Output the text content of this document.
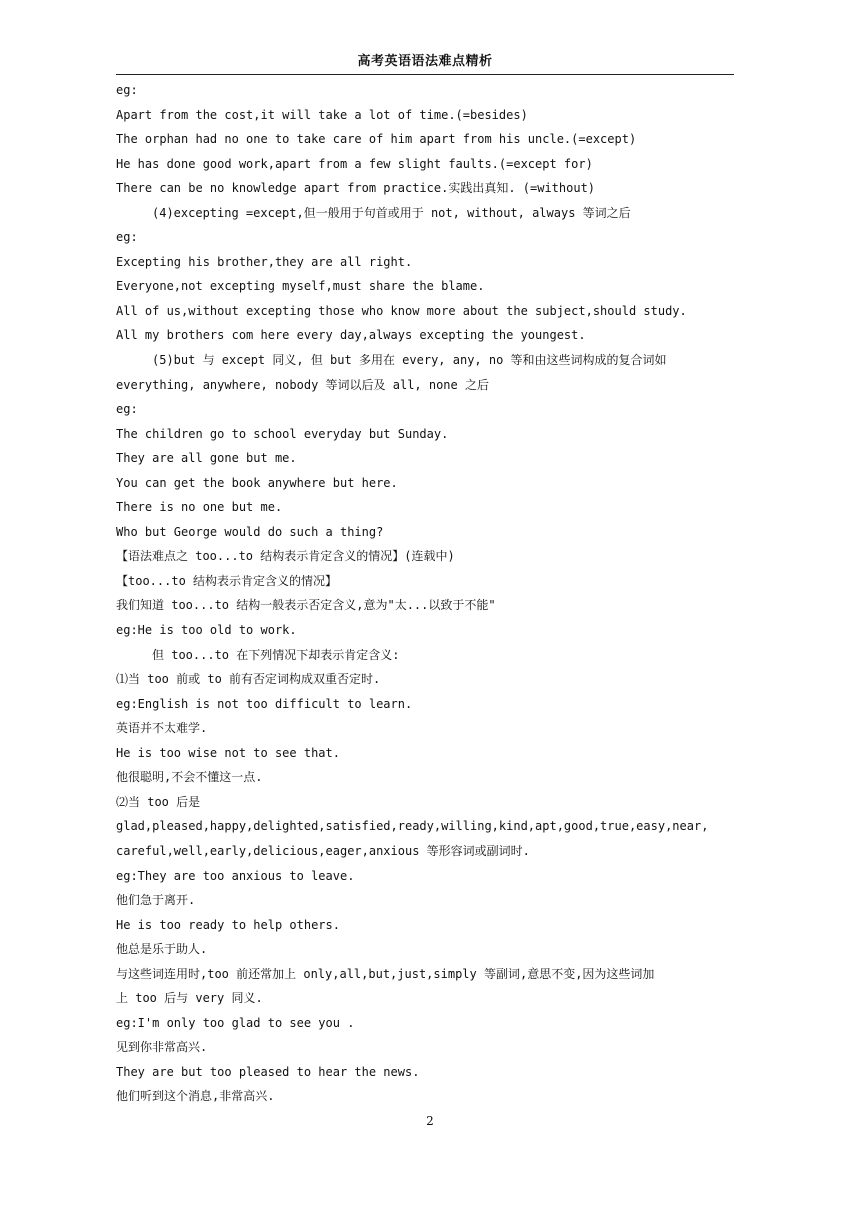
高考英语语法难点精析
eg:
Apart from the cost,it will take a lot of time.(=besides)
The orphan had no one to take care of him apart from his uncle.(=except)
He has done good work,apart from a few slight faults.(=except for)
There can be no knowledge apart from practice.实践出真知. (=without)
(4)excepting =except,但一般用于句首或用于 not, without, always 等词之后
eg:
Excepting his brother,they are all right.
Everyone,not excepting myself,must share the blame.
All of us,without excepting those who know more about the subject,should study.
All my brothers com here every day,always excepting the youngest.
(5)but 与 except 同义, 但 but 多用在 every, any, no 等和由这些词构成的复合词如
everything, anywhere, nobody 等词以后及 all, none 之后
eg:
The children go to school everyday but Sunday.
They are all gone but me.
You can get the book anywhere but here.
There is no one but me.
Who but George would do such a thing?
【语法难点之 too...to 结构表示肯定含义的情况】(连载中)
【too...to 结构表示肯定含义的情况】
我们知道 too...to 结构一般表示否定含义,意为"太...以致于不能"
eg:He is too old to work.
但 too...to 在下列情况下却表示肯定含义:
⑴当 too 前或 to 前有否定词构成双重否定时.
eg:English is not too difficult to learn.
英语并不太难学.
He is too wise not to see that.
他很聪明,不会不懂这一点.
⑵当 too 后是
glad,pleased,happy,delighted,satisfied,ready,willing,kind,apt,good,true,easy,near,
careful,well,early,delicious,eager,anxious 等形容词或副词时.
eg:They are too anxious to leave.
他们急于离开.
He is too ready to help others.
他总是乐于助人.
与这些词连用时,too 前还常加上 only,all,but,just,simply 等副词,意思不变,因为这些词加
上 too 后与 very 同义.
eg:I'm only too glad to see you .
见到你非常高兴.
They are but too pleased to hear the news.
他们听到这个消息,非常高兴.
2
